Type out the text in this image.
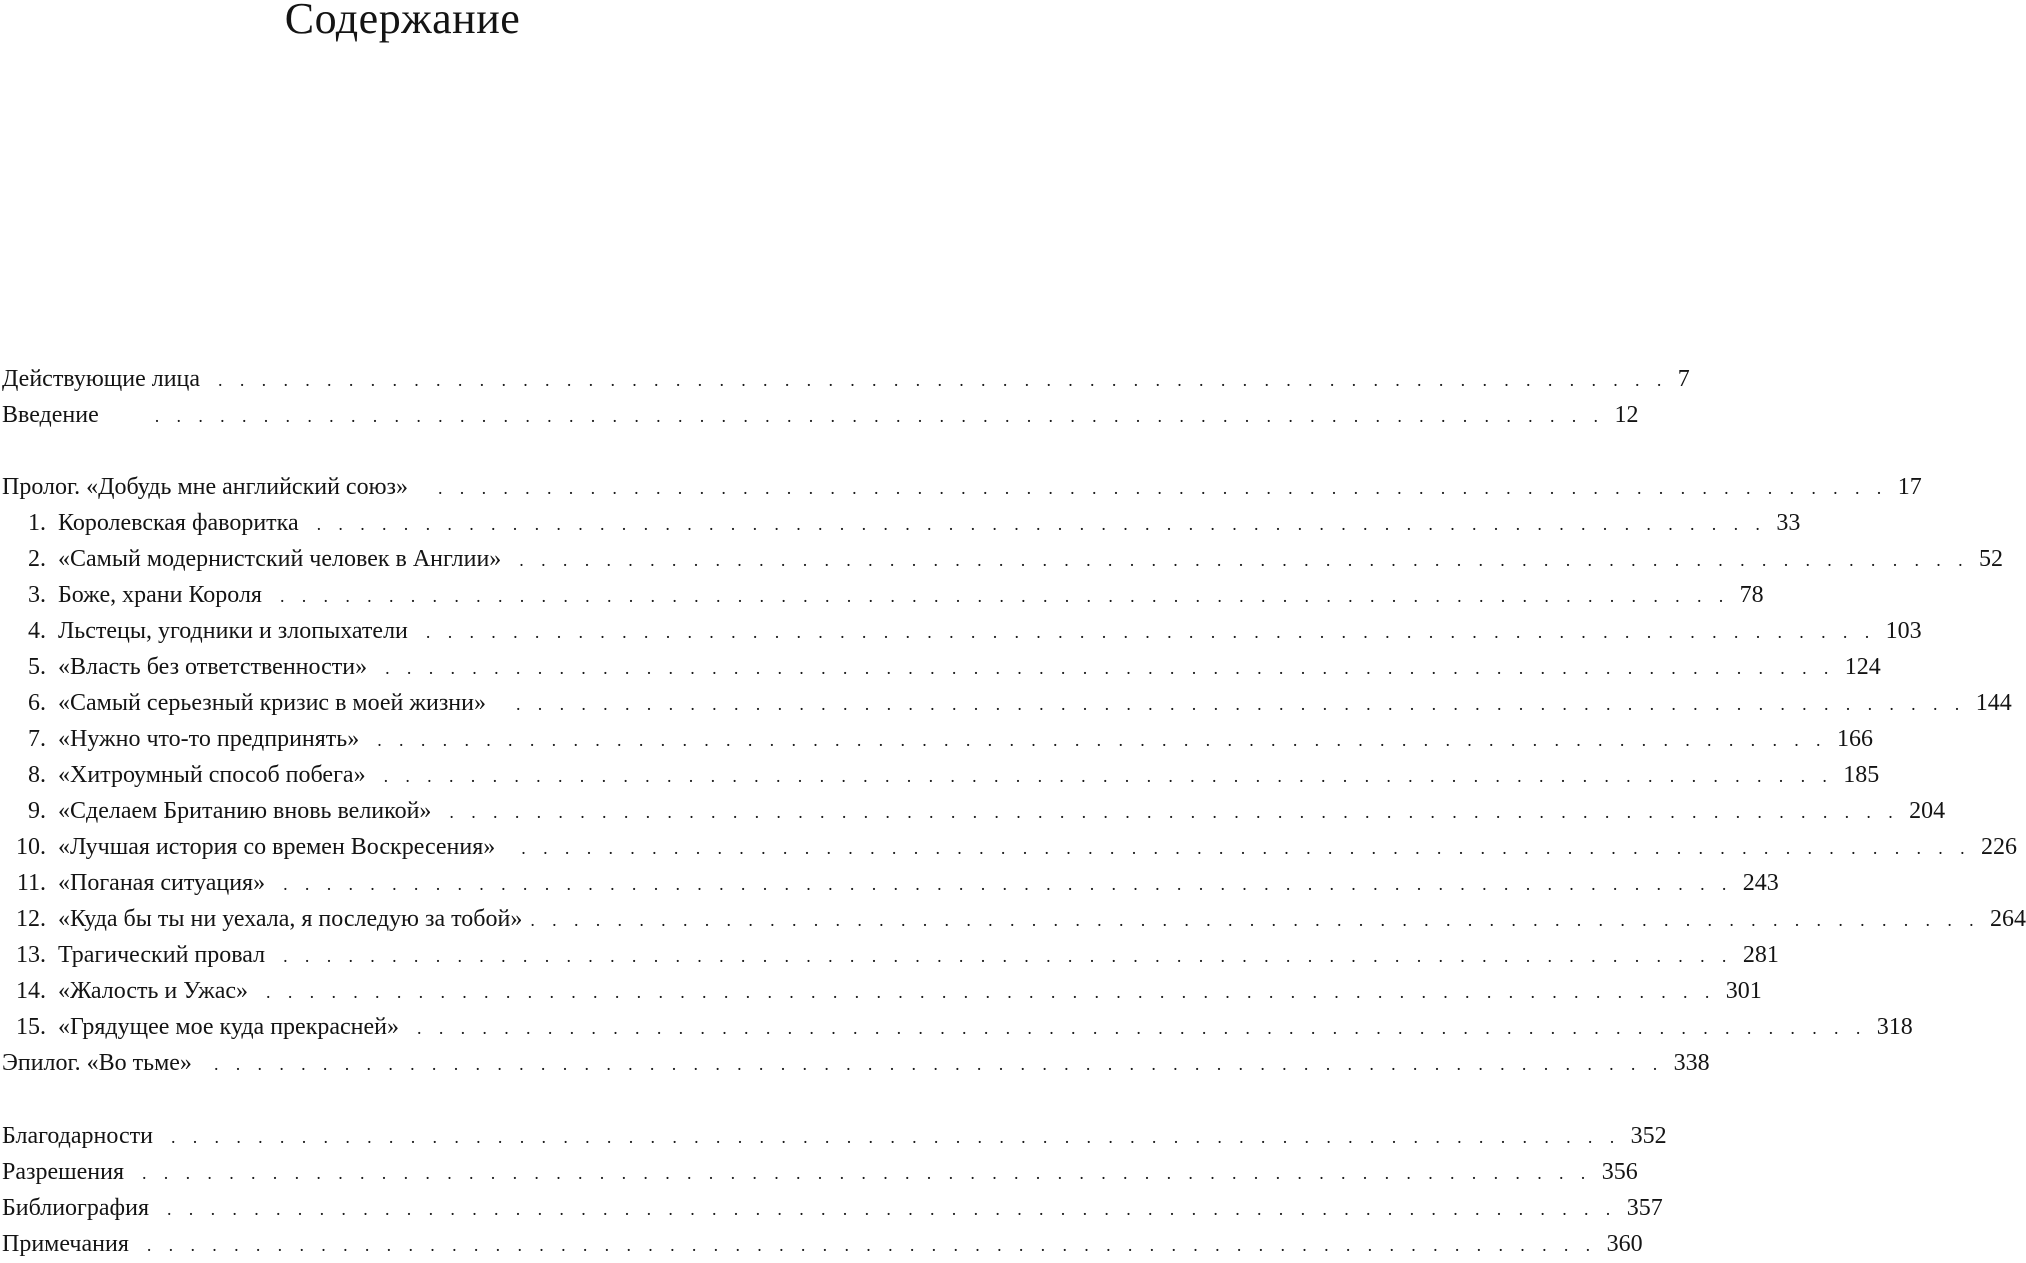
Содержание
Действующие лица	. . . . . . . . . . . . . . . . . . . . . . . . . . . . . . . . . . . . . . . . . . . . . . . . . . . . . . . . . . . . . . . . . . . 7
Введение	. . . . . . . . . . . . . . . . . . . . . . . . . . . . . . . . . . . . . . . . . . . . . . . . . . . . . . . . . . . . . . . . . . . 12
Пролог. «Добудь мне английский союз»	. . . . . . . . . . . . . . . . . . . . . . . . . . . . . . . . . . . . . . . . . . . . . . . . . . . . . . . . . . . . . . . . . . . 17
1. Королевская фаворитка	. . . . . . . . . . . . . . . . . . . . . . . . . . . . . . . . . . . . . . . . . . . . . . . . . . . . . . . . . . . . . . . . . . . 33
2. «Самый модернистский человек в Англии»	. . . . . . . . . . . . . . . . . . . . . . . . . . . . . . . . . . . . . . . . . . . . . . . . . . . . . . . . . . . . . . . . . . . 52
3. Боже, храни Короля	. . . . . . . . . . . . . . . . . . . . . . . . . . . . . . . . . . . . . . . . . . . . . . . . . . . . . . . . . . . . . . . . . . . 78
4. Льстецы, угодники и злопыхатели	. . . . . . . . . . . . . . . . . . . . . . . . . . . . . . . . . . . . . . . . . . . . . . . . . . . . . . . . . . . . . . . . . . . 103
5. «Власть без ответственности»	. . . . . . . . . . . . . . . . . . . . . . . . . . . . . . . . . . . . . . . . . . . . . . . . . . . . . . . . . . . . . . . . . . . 124
6. «Самый серьезный кризис в моей жизни»	. . . . . . . . . . . . . . . . . . . . . . . . . . . . . . . . . . . . . . . . . . . . . . . . . . . . . . . . . . . . . . . . . . . 144
7. «Нужно что-то предпринять»	. . . . . . . . . . . . . . . . . . . . . . . . . . . . . . . . . . . . . . . . . . . . . . . . . . . . . . . . . . . . . . . . . . . 166
8. «Хитроумный способ побега»	. . . . . . . . . . . . . . . . . . . . . . . . . . . . . . . . . . . . . . . . . . . . . . . . . . . . . . . . . . . . . . . . . . . 185
9. «Сделаем Британию вновь великой»	. . . . . . . . . . . . . . . . . . . . . . . . . . . . . . . . . . . . . . . . . . . . . . . . . . . . . . . . . . . . . . . . . . . 204
10. «Лучшая история со времен Воскресения»	. . . . . . . . . . . . . . . . . . . . . . . . . . . . . . . . . . . . . . . . . . . . . . . . . . . . . . . . . . . . . . . . . . . 226
11. «Поганая ситуация»	. . . . . . . . . . . . . . . . . . . . . . . . . . . . . . . . . . . . . . . . . . . . . . . . . . . . . . . . . . . . . . . . . . . 243
12. «Куда бы ты ни уехала, я последую за тобой» . . . . . . . . . . . . . . . . . . . . . . . . . . . . . . . . . . . . . . . . . . . . . . . . . . . . . . . . . . . . . . . . . . . 264
13. Трагический провал	. . . . . . . . . . . . . . . . . . . . . . . . . . . . . . . . . . . . . . . . . . . . . . . . . . . . . . . . . . . . . . . . . . . 281
14. «Жалость и Ужас»	. . . . . . . . . . . . . . . . . . . . . . . . . . . . . . . . . . . . . . . . . . . . . . . . . . . . . . . . . . . . . . . . . . . 301
15. «Грядущее мое куда прекрасней»	. . . . . . . . . . . . . . . . . . . . . . . . . . . . . . . . . . . . . . . . . . . . . . . . . . . . . . . . . . . . . . . . . . . 318
Эпилог. «Во тьме»	. . . . . . . . . . . . . . . . . . . . . . . . . . . . . . . . . . . . . . . . . . . . . . . . . . . . . . . . . . . . . . . . . . . 338
Благодарности	. . . . . . . . . . . . . . . . . . . . . . . . . . . . . . . . . . . . . . . . . . . . . . . . . . . . . . . . . . . . . . . . . . . 352
Разрешения	. . . . . . . . . . . . . . . . . . . . . . . . . . . . . . . . . . . . . . . . . . . . . . . . . . . . . . . . . . . . . . . . . . . 356
Библиография	. . . . . . . . . . . . . . . . . . . . . . . . . . . . . . . . . . . . . . . . . . . . . . . . . . . . . . . . . . . . . . . . . . . 357
Примечания	. . . . . . . . . . . . . . . . . . . . . . . . . . . . . . . . . . . . . . . . . . . . . . . . . . . . . . . . . . . . . . . . . . . 360
